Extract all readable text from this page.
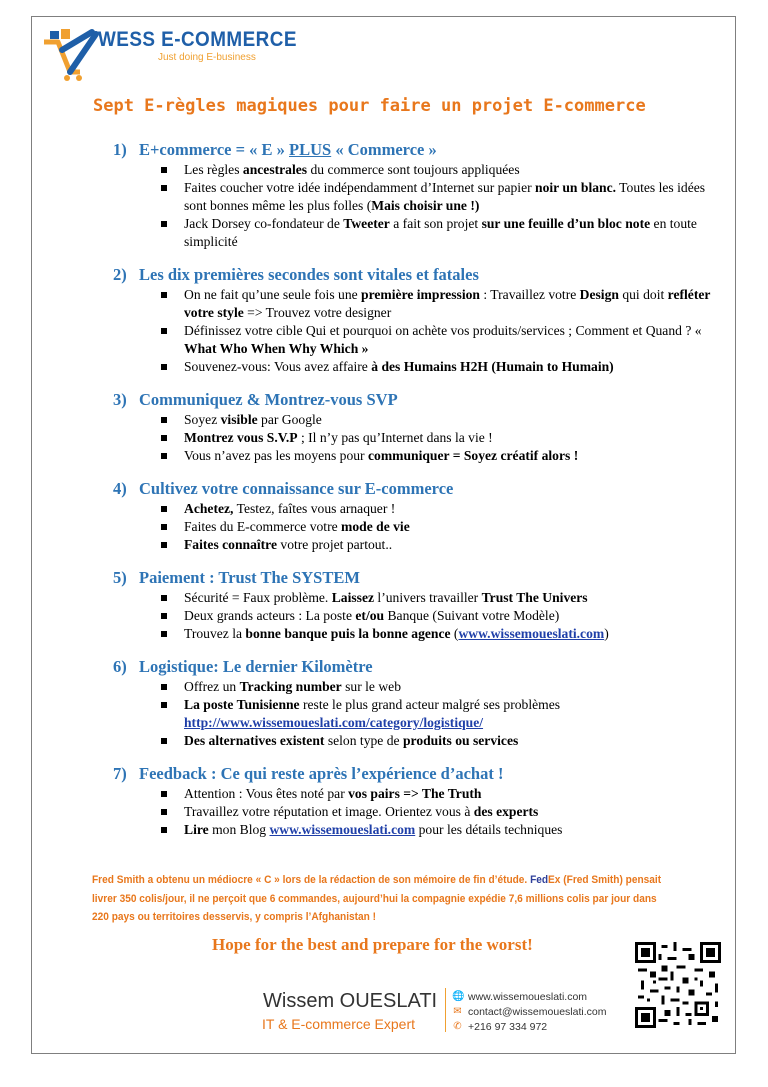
WESS E-COMMERCE
Just doing E-business
Sept E-règles magiques pour faire un projet E-commerce
1) E+commerce = « E » PLUS « Commerce »
Les règles ancestrales du commerce sont toujours appliquées
Faites coucher votre idée indépendamment d’Internet sur papier noir un blanc. Toutes les idées sont bonnes même les plus folles (Mais choisir une !)
Jack Dorsey co-fondateur de Tweeter a fait son projet sur une feuille d’un bloc note en toute simplicité
2) Les dix premières secondes sont vitales et fatales
On ne fait qu’une seule fois une première impression : Travaillez votre Design qui doit refléter votre style => Trouvez votre designer
Définissez votre cible Qui et pourquoi on achète vos produits/services ; Comment et Quand ? « What Who When Why Which »
Souvenez-vous: Vous avez affaire à des Humains H2H (Humain to Humain)
3) Communiquez & Montrez-vous SVP
Soyez visible par Google
Montrez vous S.V.P ; Il n’y pas qu’Internet dans la vie !
Vous n’avez pas les moyens pour communiquer = Soyez créatif alors !
4) Cultivez votre connaissance sur E-commerce
Achetez, Testez, faîtes vous arnaquer !
Faites du E-commerce votre mode de vie
Faites connaître votre projet partout..
5) Paiement : Trust The SYSTEM
Sécurité = Faux problème. Laissez l’univers travailler Trust The Univers
Deux grands acteurs : La poste et/ou Banque (Suivant votre Modèle)
Trouvez la bonne banque puis la bonne agence (www.wissemoueslati.com)
6) Logistique: Le dernier Kilomètre
Offrez un Tracking number sur le web
La poste Tunisienne reste le plus grand acteur malgré ses problèmes http://www.wissemoueslati.com/category/logistique/
Des alternatives existent selon type de produits ou services
7) Feedback : Ce qui reste après l’expérience d’achat !
Attention : Vous êtes noté par vos pairs => The Truth
Travaillez votre réputation et image. Orientez vous à des experts
Lire mon Blog www.wissemoueslati.com pour les détails techniques
Fred Smith a obtenu un médiocre « C » lors de la rédaction de son mémoire de fin d’étude. FedEx (Fred Smith) pensait livrer 350 colis/jour, il ne perçoit que 6 commandes, aujourd’hui la compagnie expédie 7,6 millions colis par jour dans 220 pays ou territoires desservis, y compris l’Afghanistan !
Hope for the best and prepare for the worst!
Wissem OUESLATI
IT & E-commerce Expert
🌐 www.wissemoueslati.com
✉ contact@wissemoueslati.com
✆ +216 97 334 972
